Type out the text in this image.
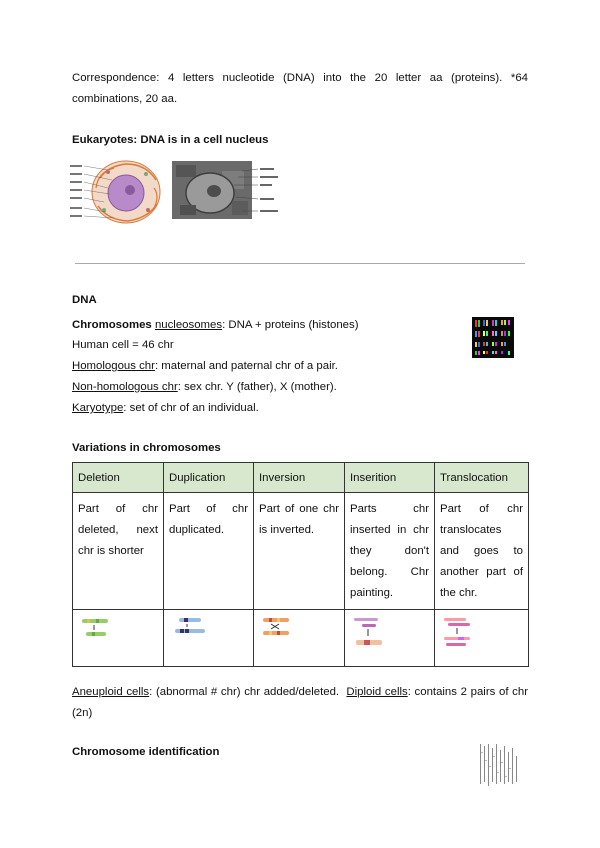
Correspondence: 4 letters nucleotide (DNA) into the 20 letter aa (proteins). *64 combinations, 20 aa.
Eukaryotes: DNA is in a cell nucleus
DNA
Chromosomes nucleosomes: DNA + proteins (histones)
Human cell = 46 chr
Homologous chr: maternal and paternal chr of a pair.
Non-homologous chr: sex chr. Y (father), X (mother).
Karyotype: set of chr of an individual.
Variations in chromosomes
Deletion	Duplication	Inversion	Inserition	Translocation
Part of chr deleted, next chr is shorter	Part of chr duplicated.	Part of one chr is inverted.	Parts chr inserted in chr they don't belong. Chr painting.	Part of chr translocates and goes to another part of the chr.

Aneuploid cells: (abnormal # chr) chr added/deleted. Diploid cells: contains 2 pairs of chr (2n)
Chromosome identification
